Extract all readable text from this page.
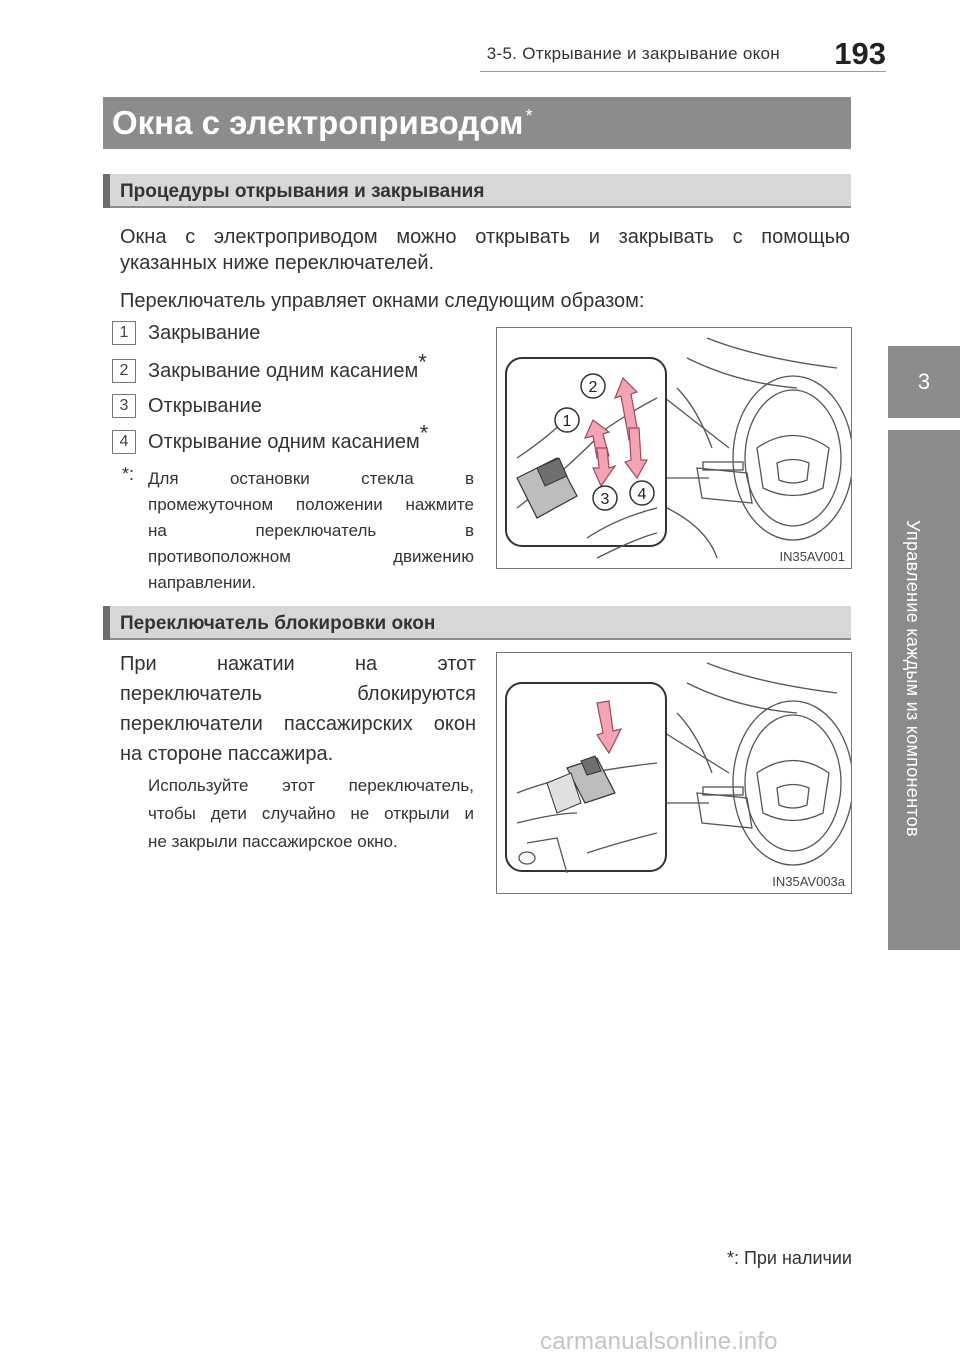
3-5. Открывание и закрывание окон	193
3
Управление каждым из компонентов
Окна с электроприводом *
Процедуры открывания и закрывания
Окна с электроприводом можно открывать и закрывать с помощью
указанных ниже переключателей.
Переключатель управляет окнами следующим образом:
1 Закрывание
2 Закрывание одним касанием*
3 Открывание
4 Открывание одним касанием*
*: Для остановки стекла в
промежуточном положении нажмите
на переключатель в
противоположном движению
направлении.
2
1
3 4
IN35AV001
Переключатель блокировки окон
При нажатии на этот
переключатель блокируются
переключатели пассажирских окон
на стороне пассажира.
Используйте этот переключатель,
чтобы дети случайно не открыли и
не закрыли пассажирское окно.
IN35AV003a
*: При наличии
carmanualsonline.info
